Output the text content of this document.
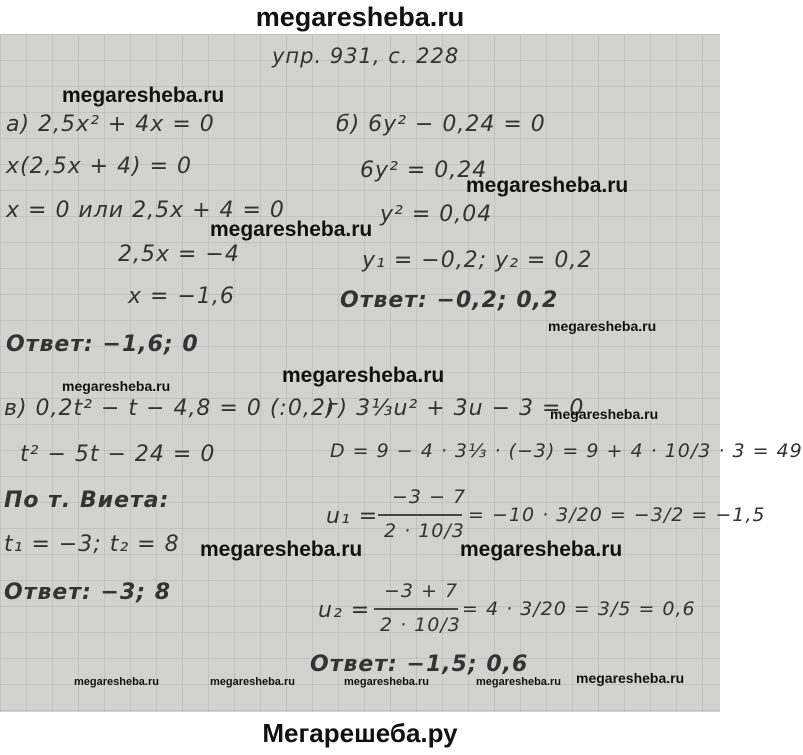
megaresheba.ru
упр. 931, с. 228
а) 2,5x² + 4x = 0
x(2,5x + 4) = 0
x = 0 или 2,5x + 4 = 0
2,5x = −4
x = −1,6
Ответ: −1,6; 0
б) 6y² − 0,24 = 0
6y² = 0,24
y² = 0,04
y₁ = −0,2; y₂ = 0,2
Ответ: −0,2; 0,2
в) 0,2t² − t − 4,8 = 0 (:0,2)
t² − 5t − 24 = 0
По т. Виета:
t₁ = −3; t₂ = 8
Ответ: −3; 8
г) 3⅓u² + 3u − 3 = 0
D = 9 − 4 · 3⅓ · (−3) = 9 + 4 · 10/3 · 3 = 49
u₁ =
−3 − 7
2 · 10/3
= −10 · 3/20 = −3/2 = −1,5
u₂ =
−3 + 7
2 · 10/3
= 4 · 3/20 = 3/5 = 0,6
Ответ: −1,5; 0,6
megaresheba.ru
megaresheba.ru
megaresheba.ru
megaresheba.ru
megaresheba.ru
megaresheba.ru
megaresheba.ru
megaresheba.ru	megaresheba.ru
megaresheba.ru	megaresheba.ru	megaresheba.ru	megaresheba.ru megaresheba.ru
Мегарешеба.ру
